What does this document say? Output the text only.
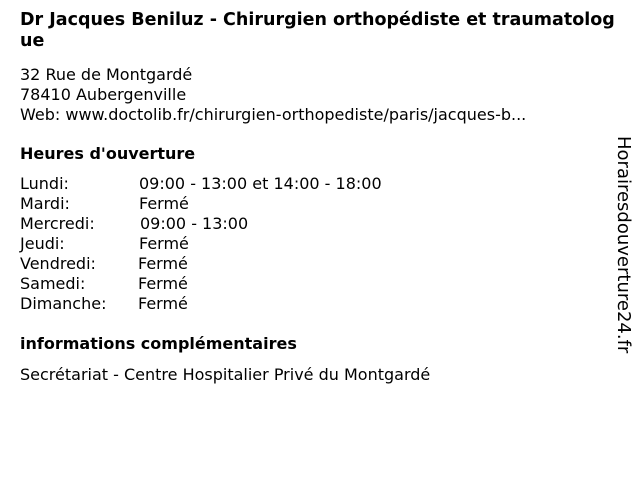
Dr Jacques Beniluz - Chirurgien orthopédiste et traumatologue
32 Rue de Montgardé
78410 Aubergenville
Web: www.doctolib.fr/chirurgien-orthopediste/paris/jacques-b...
Heures d'ouverture
Lundi:	09:00 - 13:00 et 14:00 - 18:00
Mardi:	Fermé
Mercredi:	09:00 - 13:00
Jeudi:	Fermé
Vendredi:	Fermé
Samedi:	Fermé
Dimanche: Fermé
informations complémentaires
Secrétariat - Centre Hospitalier Privé du Montgardé
Horairesdouverture24.fr
